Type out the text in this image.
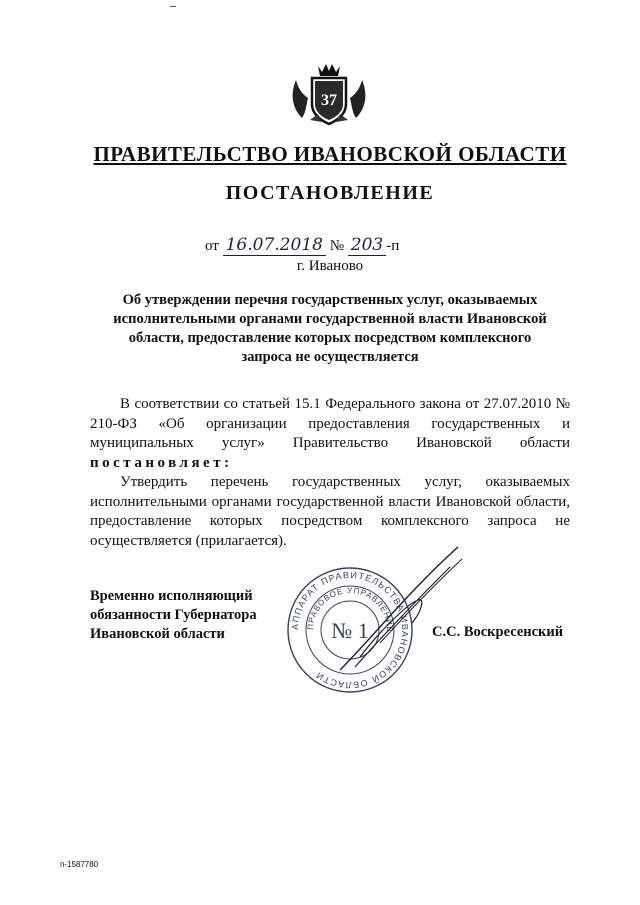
37
ПРАВИТЕЛЬСТВО ИВАНОВСКОЙ ОБЛАСТИ
ПОСТАНОВЛЕНИЕ
от 16.07.2018 № 203 -п
г. Иваново
Об утверждении перечня государственных услуг, оказываемых исполнительными органами государственной власти Ивановской области, предоставление которых посредством комплексного запроса не осуществляется

В соответствии со статьей 15.1 Федерального закона от 27.07.2010 № 210-ФЗ «Об организации предоставления государственных и муниципальных услуг» Правительство Ивановской области постановляет:

Утвердить перечень государственных услуг, оказываемых исполнительными органами государственной власти Ивановской области, предоставление которых посредством комплексного запроса не осуществляется (прилагается).

Временно исполняющий
обязанности Губернатора
Ивановской области	АППАРАТ ПРАВИТЕЛЬСТВА ИВАНОВСКОЙ ОБЛАСТИ
ПРАВОВОЕ УПРАВЛЕНИЕ
№ 1	С.С. Воскресенский
п-1587780
